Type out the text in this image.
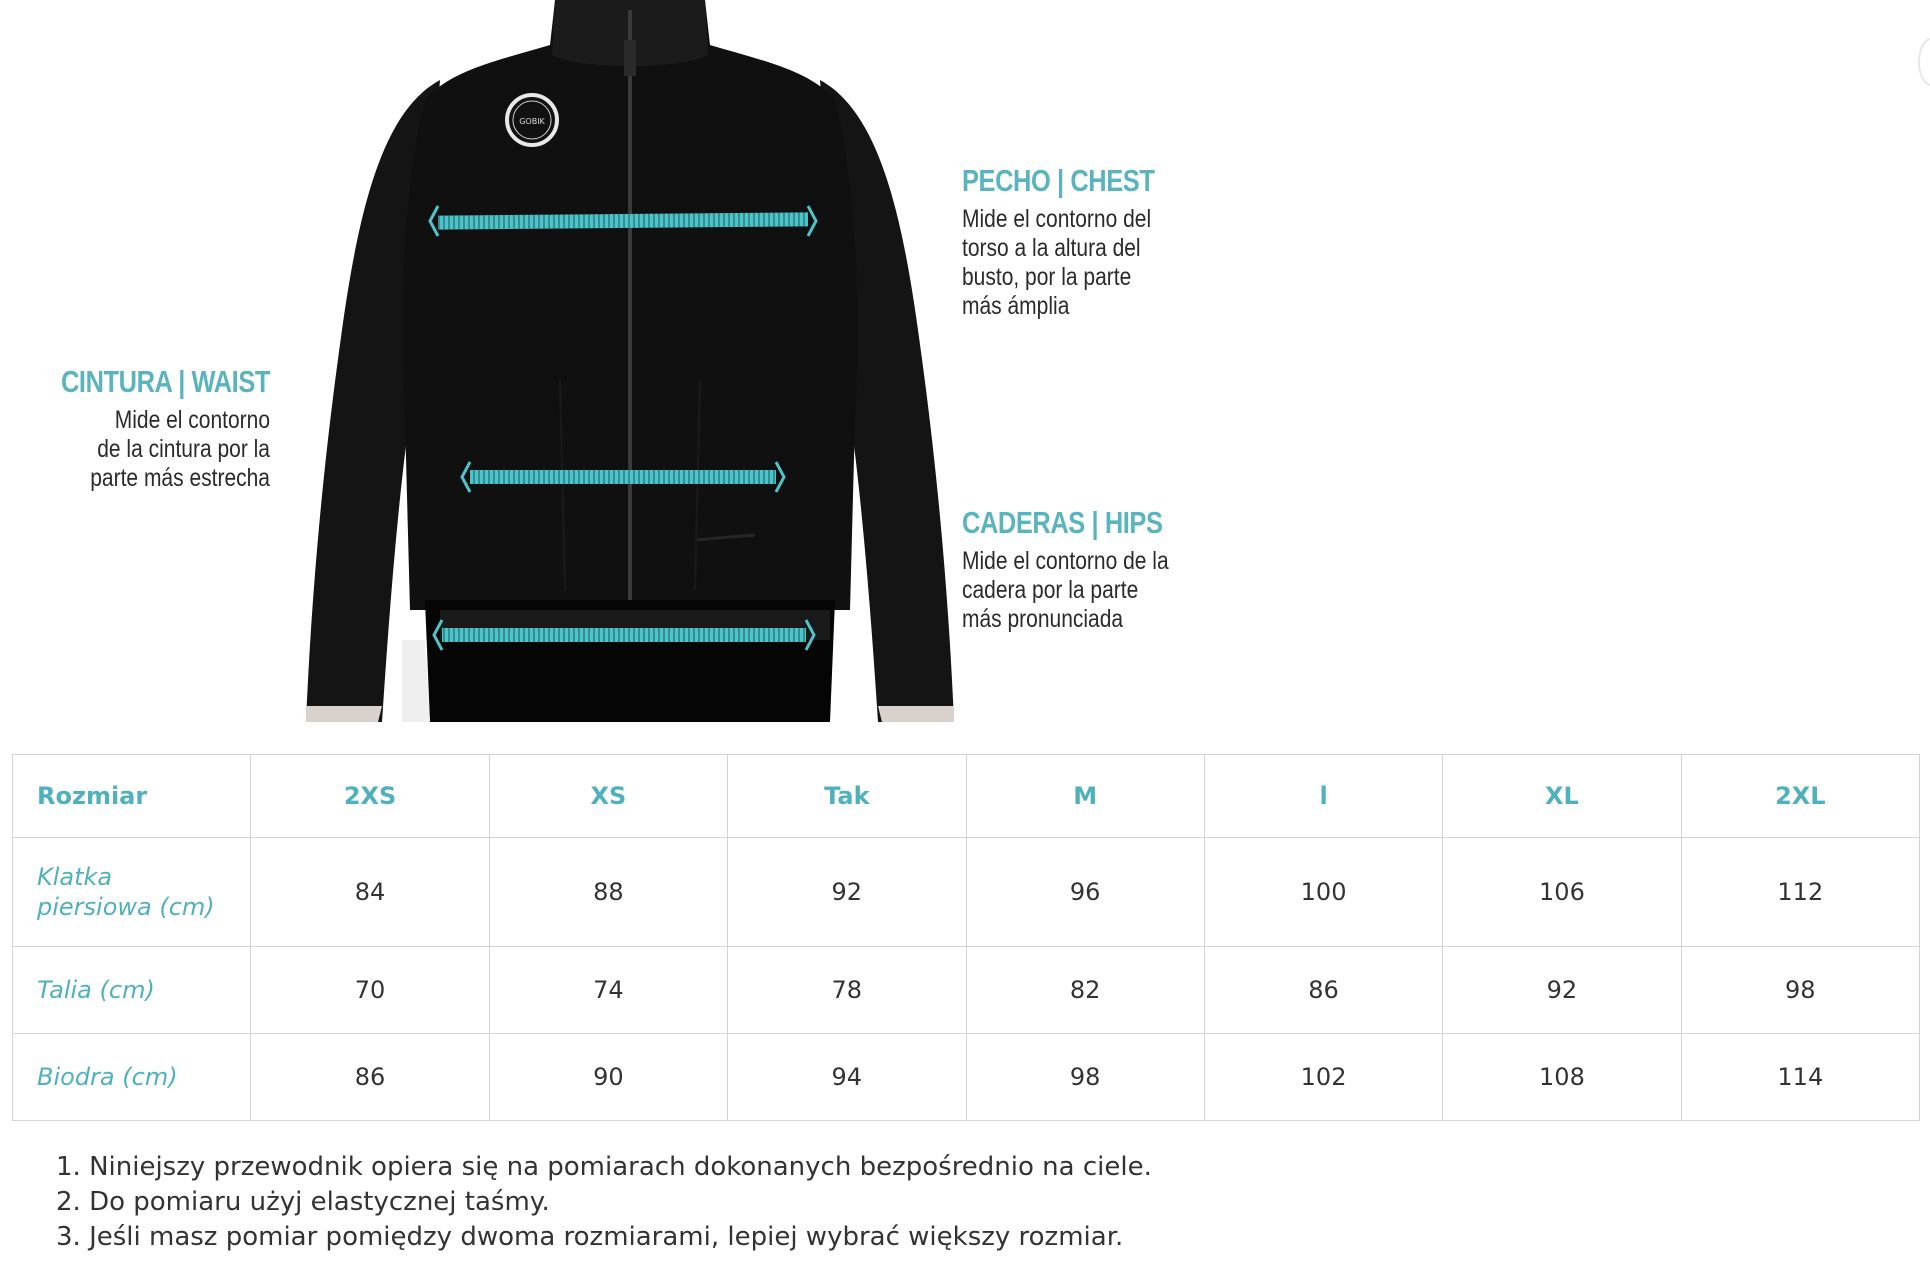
GOBIK
PECHO | CHEST
Mide el contorno del
torso a la altura del
busto, por la parte
más ámplia
CINTURA | WAIST
Mide el contorno
de la cintura por la
parte más estrecha
CADERAS | HIPS
Mide el contorno de la
cadera por la parte
más pronunciada
Rozmiar	2XS	XS	Tak	M	l	XL	2XL
Klatka
piersiowa (cm)	84	88	92	96	100	106	112
Talia (cm)	70	74	78	82	86	92	98
Biodra (cm)	86	90	94	98	102	108	114
1. Niniejszy przewodnik opiera się na pomiarach dokonanych bezpośrednio na ciele.
2. Do pomiaru użyj elastycznej taśmy.
3. Jeśli masz pomiar pomiędzy dwoma rozmiarami, lepiej wybrać większy rozmiar.
